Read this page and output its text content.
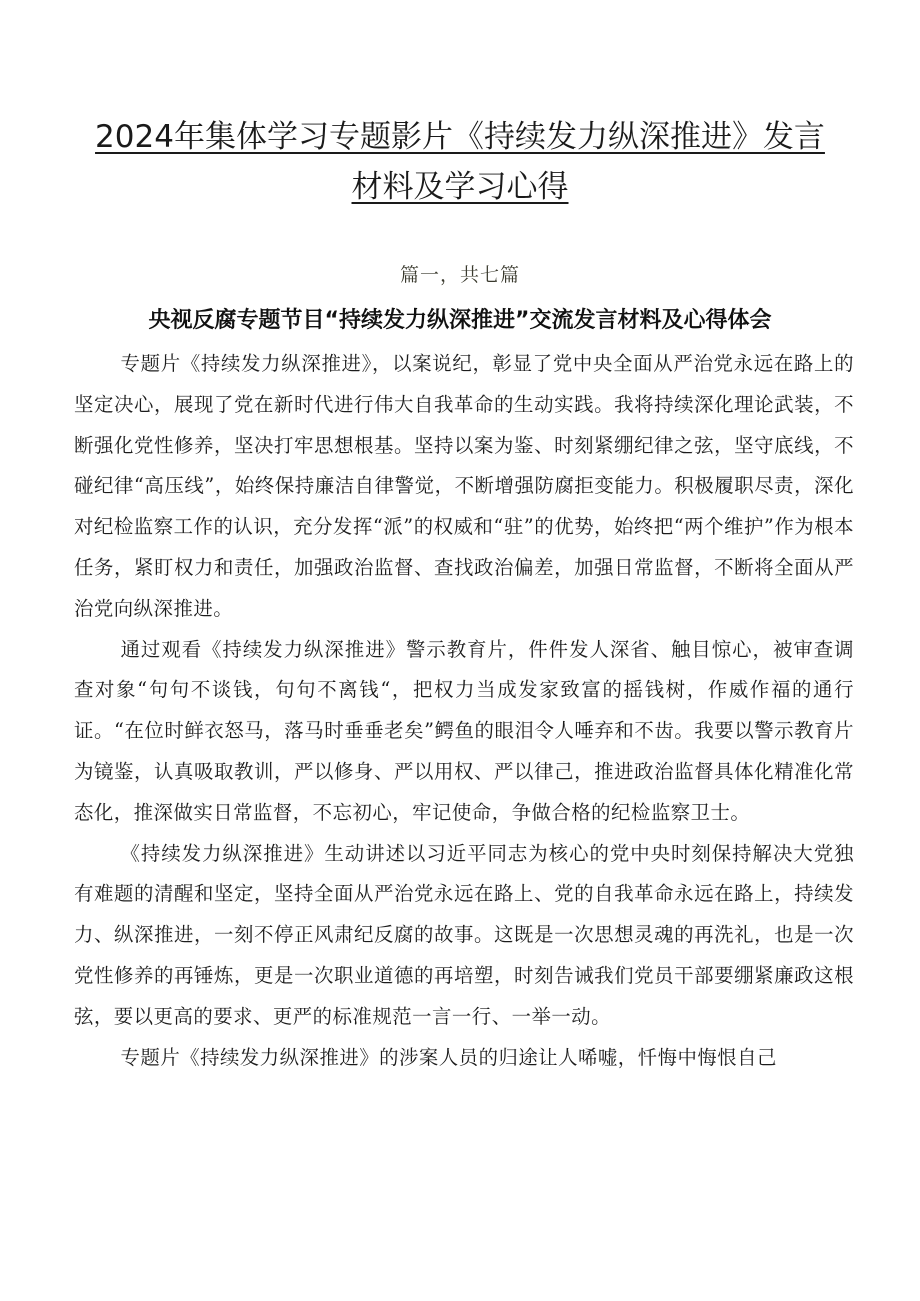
2024年集体学习专题影片《持续发力纵深推进》发言材料及学习心得
篇一，共七篇
央视反腐专题节目“持续发力纵深推进”交流发言材料及心得体会

专题片《持续发力纵深推进》，以案说纪，彰显了党中央全面从严治党永远在路上的坚定决心，展现了党在新时代进行伟大自我革命的生动实践。我将持续深化理论武装，不断强化党性修养，坚决打牢思想根基。坚持以案为鉴、时刻紧绷纪律之弦，坚守底线，不碰纪律“高压线”，始终保持廉洁自律警觉，不断增强防腐拒变能力。积极履职尽责，深化对纪检监察工作的认识，充分发挥“派”的权威和“驻”的优势，始终把“两个维护”作为根本任务，紧盯权力和责任，加强政治监督、查找政治偏差，加强日常监督，不断将全面从严治党向纵深推进。

通过观看《持续发力纵深推进》警示教育片，件件发人深省、触目惊心，被审查调查对象“句句不谈钱，句句不离钱“，把权力当成发家致富的摇钱树，作威作福的通行证。“在位时鲜衣怒马，落马时垂垂老矣”鳄鱼的眼泪令人唾弃和不齿。我要以警示教育片为镜鉴，认真吸取教训，严以修身、严以用权、严以律己，推进政治监督具体化精准化常态化，推深做实日常监督，不忘初心，牢记使命，争做合格的纪检监察卫士。

《持续发力纵深推进》生动讲述以习近平同志为核心的党中央时刻保持解决大党独有难题的清醒和坚定，坚持全面从严治党永远在路上、党的自我革命永远在路上，持续发力、纵深推进，一刻不停正风肃纪反腐的故事。这既是一次思想灵魂的再洗礼，也是一次党性修养的再锤炼，更是一次职业道德的再培塑，时刻告诫我们党员干部要绷紧廉政这根弦，要以更高的要求、更严的标准规范一言一行、一举一动。

专题片《持续发力纵深推进》的涉案人员的归途让人唏嘘，忏悔中悔恨自己
